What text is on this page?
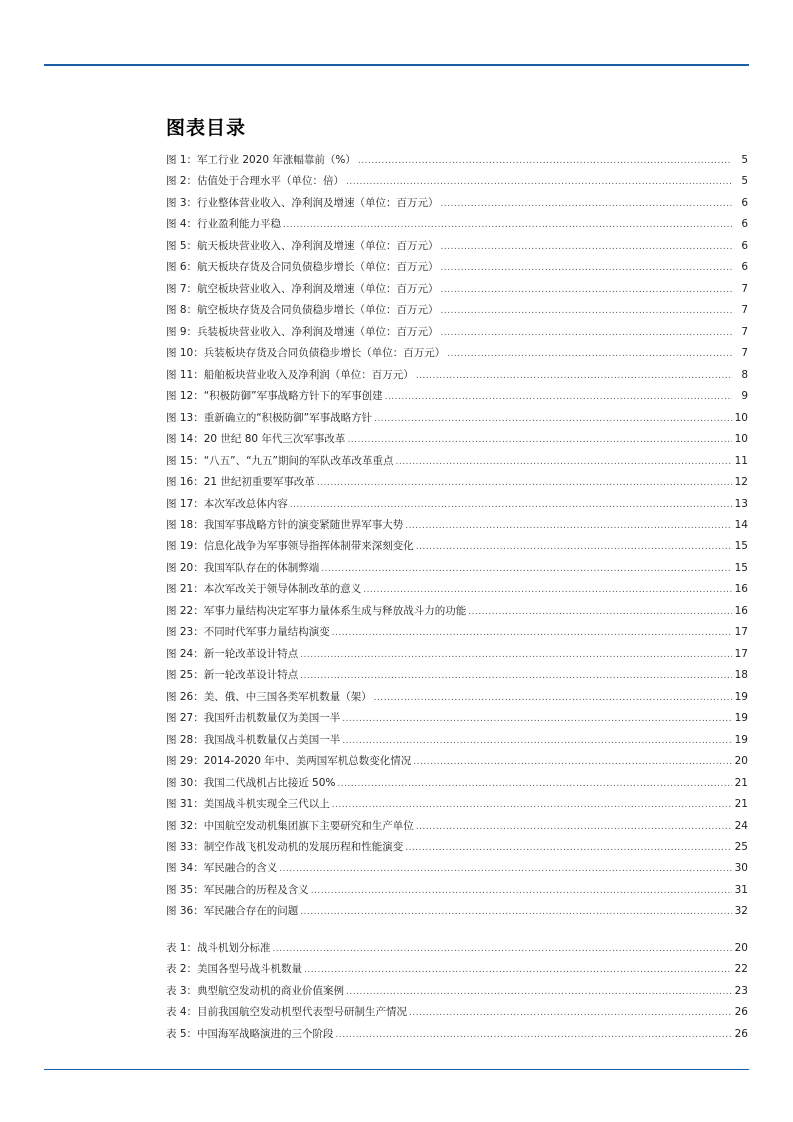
图表目录
图 1：军工行业 2020 年涨幅靠前（%） .....	5
图 2：估值处于合理水平（单位：倍） .....	5
图 3：行业整体营业收入、净利润及增速（单位：百万元） .....	6
图 4：行业盈利能力平稳 .....	6
图 5：航天板块营业收入、净利润及增速（单位：百万元） .....	6
图 6：航天板块存货及合同负债稳步增长（单位：百万元） .....	6
图 7：航空板块营业收入、净利润及增速（单位：百万元） .....	7
图 8：航空板块存货及合同负债稳步增长（单位：百万元） .....	7
图 9：兵装板块营业收入、净利润及增速（单位：百万元） .....	7
图 10：兵装板块存货及合同负债稳步增长（单位：百万元） .....	7
图 11：船舶板块营业收入及净利润（单位：百万元） .....	8
图 12：“积极防御”军事战略方针下的军事创建 .....	9
图 13：重新确立的“积极防御”军事战略方针 .....	10
图 14：20 世纪 80 年代三次军事改革 .....	10
图 15：“八五”、“九五”期间的军队改革改革重点 .....	11
图 16：21 世纪初重要军事改革 .....	12
图 17：本次军改总体内容 .....	13
图 18：我国军事战略方针的演变紧随世界军事大势 .....	14
图 19：信息化战争为军事领导指挥体制带来深刻变化 .....	15
图 20：我国军队存在的体制弊端 .....	15
图 21：本次军改关于领导体制改革的意义 .....	16
图 22：军事力量结构决定军事力量体系生成与释放战斗力的功能 .....	16
图 23：不同时代军事力量结构演变 .....	17
图 24：新一轮改革设计特点 .....	17
图 25：新一轮改革设计特点 .....	18
图 26：美、俄、中三国各类军机数量（架） .....	19
图 27：我国歼击机数量仅为美国一半 .....	19
图 28：我国战斗机数量仅占美国一半 .....	19
图 29：2014-2020 年中、美两国军机总数变化情况 .....	20
图 30：我国二代战机占比接近 50% .....	21
图 31：美国战斗机实现全三代以上 .....	21
图 32：中国航空发动机集团旗下主要研究和生产单位 .....	24
图 33：制空作战飞机发动机的发展历程和性能演变 .....	25
图 34：军民融合的含义 .....	30
图 35：军民融合的历程及含义 .....	31
图 36：军民融合存在的问题 .....	32
表 1：战斗机划分标准 .....	20
表 2：美国各型号战斗机数量 .....	22
表 3：典型航空发动机的商业价值案例 .....	23
表 4：目前我国航空发动机型代表型号研制生产情况 .....	26
表 5：中国海军战略演进的三个阶段 .....	26
